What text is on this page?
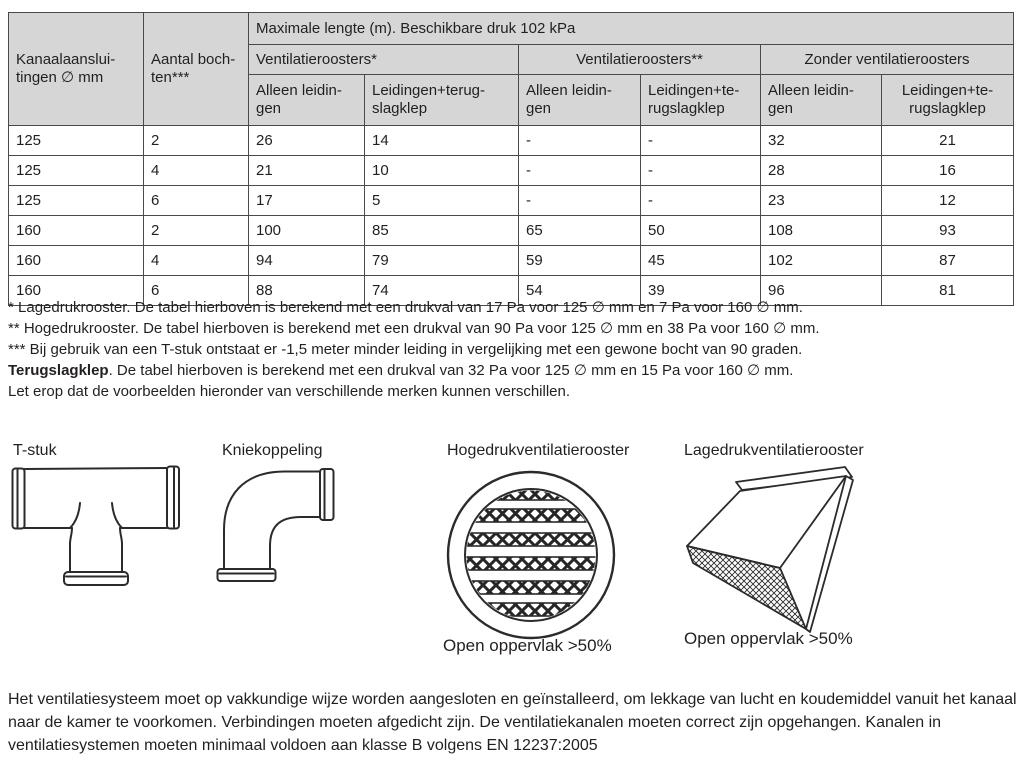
Kanaalaanslui-tingen ∅ mm	Aantal boch-ten***	Maximale lengte (m). Beschikbare druk 102 kPa					
		Ventilatieroosters*		Ventilatieroosters**		Zonder ventilatieroosters	
		Alleen leidin-gen	Leidingen+terug-slagklep	Alleen leidin-gen	Leidingen+te-rugslagklep	Alleen leidin-gen	Leidingen+te-rugslagklep
125	2	26	14	-	-	32	21
125	4	21	10	-	-	28	16
125	6	17	5	-	-	23	12
160	2	100	85	65	50	108	93
160	4	94	79	59	45	102	87
160	6	88	74	54	39	96	81
* Lagedrukrooster. De tabel hierboven is berekend met een drukval van 17 Pa voor 125 ∅ mm en 7 Pa voor 160 ∅ mm.
** Hogedrukrooster. De tabel hierboven is berekend met een drukval van 90 Pa voor 125 ∅ mm en 38 Pa voor 160 ∅ mm.
*** Bij gebruik van een T-stuk ontstaat er -1,5 meter minder leiding in vergelijking met een gewone bocht van 90 graden.
Terugslagklep. De tabel hierboven is berekend met een drukval van 32 Pa voor 125 ∅ mm en 15 Pa voor 160 ∅ mm.
Let erop dat de voorbeelden hieronder van verschillende merken kunnen verschillen.
T-stuk	Kniekoppeling	Hogedrukventilatierooster	Lagedrukventilatierooster
Open oppervlak >50%	Open oppervlak >50%
Het ventilatiesysteem moet op vakkundige wijze worden aangesloten en geïnstalleerd, om lekkage van lucht en koudemiddel vanuit het kanaal naar de kamer te voorkomen. Verbindingen moeten afgedicht zijn. De ventilatiekanalen moeten correct zijn opgehangen. Kanalen in ventilatiesystemen moeten minimaal voldoen aan klasse B volgens EN 12237:2005
